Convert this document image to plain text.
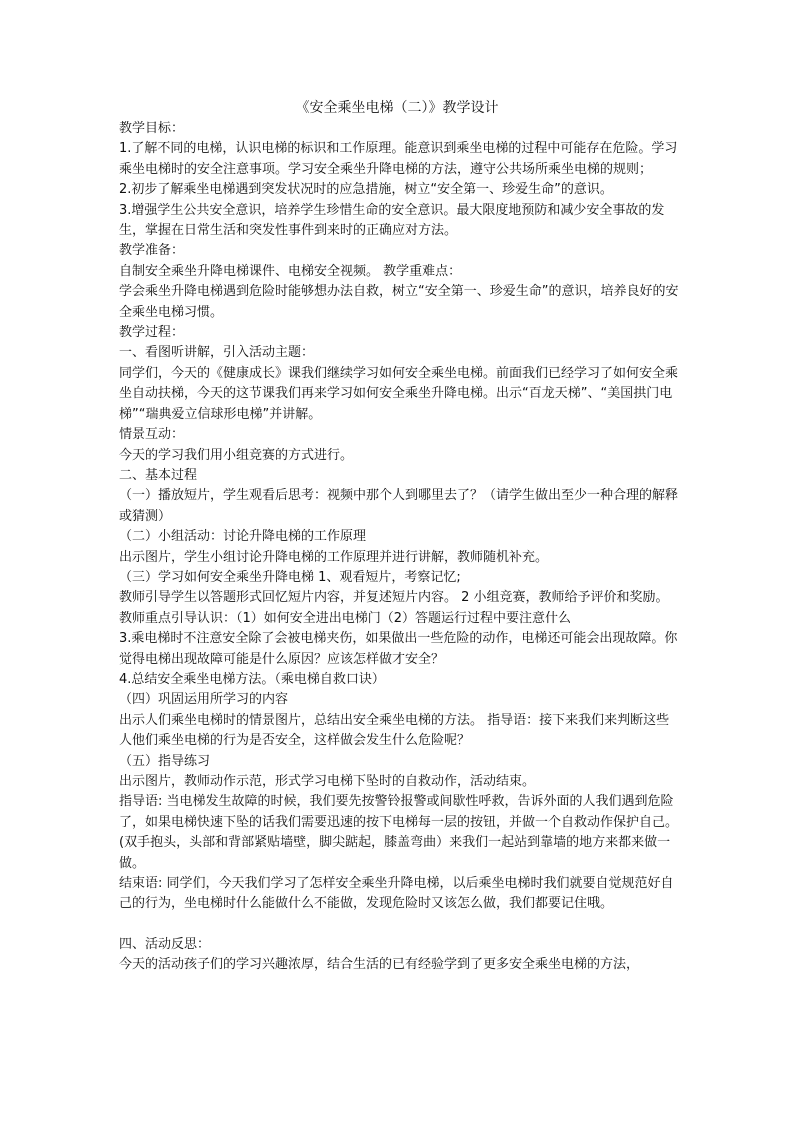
《安全乘坐电梯（二）》教学设计

教学目标：

1.了解不同的电梯，认识电梯的标识和工作原理。能意识到乘坐电梯的过程中可能存在危险。学习乘坐电梯时的安全注意事项。学习安全乘坐升降电梯的方法，遵守公共场所乘坐电梯的规则；

2.初步了解乘坐电梯遇到突发状况时的应急措施，树立“安全第一、珍爱生命”的意识。

3.增强学生公共安全意识，培养学生珍惜生命的安全意识。最大限度地预防和减少安全事故的发生，掌握在日常生活和突发性事件到来时的正确应对方法。

教学准备：

自制安全乘坐升降电梯课件、电梯安全视频。 教学重难点：

学会乘坐升降电梯遇到危险时能够想办法自救，树立“安全第一、珍爱生命”的意识，培养良好的安全乘坐电梯习惯。

教学过程：

一、看图听讲解，引入活动主题：

同学们，今天的《健康成长》课我们继续学习如何安全乘坐电梯。前面我们已经学习了如何安全乘坐自动扶梯，今天的这节课我们再来学习如何安全乘坐升降电梯。出示“百龙天梯”、“美国拱门电梯”“瑞典爱立信球形电梯”并讲解。

情景互动：

今天的学习我们用小组竞赛的方式进行。

二、基本过程

（一）播放短片，学生观看后思考：视频中那个人到哪里去了？（请学生做出至少一种合理的解释或猜测）

（二）小组活动：讨论升降电梯的工作原理

出示图片，学生小组讨论升降电梯的工作原理并进行讲解，教师随机补充。

（三）学习如何安全乘坐升降电梯 1、观看短片，考察记忆;

教师引导学生以答题形式回忆短片内容，并复述短片内容。 2 小组竞赛，教师给予评价和奖励。 教师重点引导认识：（1）如何安全进出电梯门（2）答题运行过程中要注意什么

3.乘电梯时不注意安全除了会被电梯夹伤，如果做出一些危险的动作，电梯还可能会出现故障。你觉得电梯出现故障可能是什么原因？应该怎样做才安全？

4.总结安全乘坐电梯方法。（乘电梯自救口诀）

（四）巩固运用所学习的内容

出示人们乘坐电梯时的情景图片，总结出安全乘坐电梯的方法。 指导语：接下来我们来判断这些人他们乘坐电梯的行为是否安全，这样做会发生什么危险呢？

（五）指导练习

出示图片，教师动作示范，形式学习电梯下坠时的自救动作，活动结束。

指导语: 当电梯发生故障的时候，我们要先按警铃报警或间歇性呼救，告诉外面的人我们遇到危险了，如果电梯快速下坠的话我们需要迅速的按下电梯每一层的按钮，并做一个自救动作保护自己。(双手抱头，头部和背部紧贴墙壁，脚尖踮起，膝盖弯曲）来我们一起站到靠墙的地方来都来做一做。

结束语: 同学们，今天我们学习了怎样安全乘坐升降电梯，以后乘坐电梯时我们就要自觉规范好自己的行为，坐电梯时什么能做什么不能做，发现危险时又该怎么做，我们都要记住哦。

四、活动反思：

今天的活动孩子们的学习兴趣浓厚，结合生活的已有经验学到了更多安全乘坐电梯的方法，
